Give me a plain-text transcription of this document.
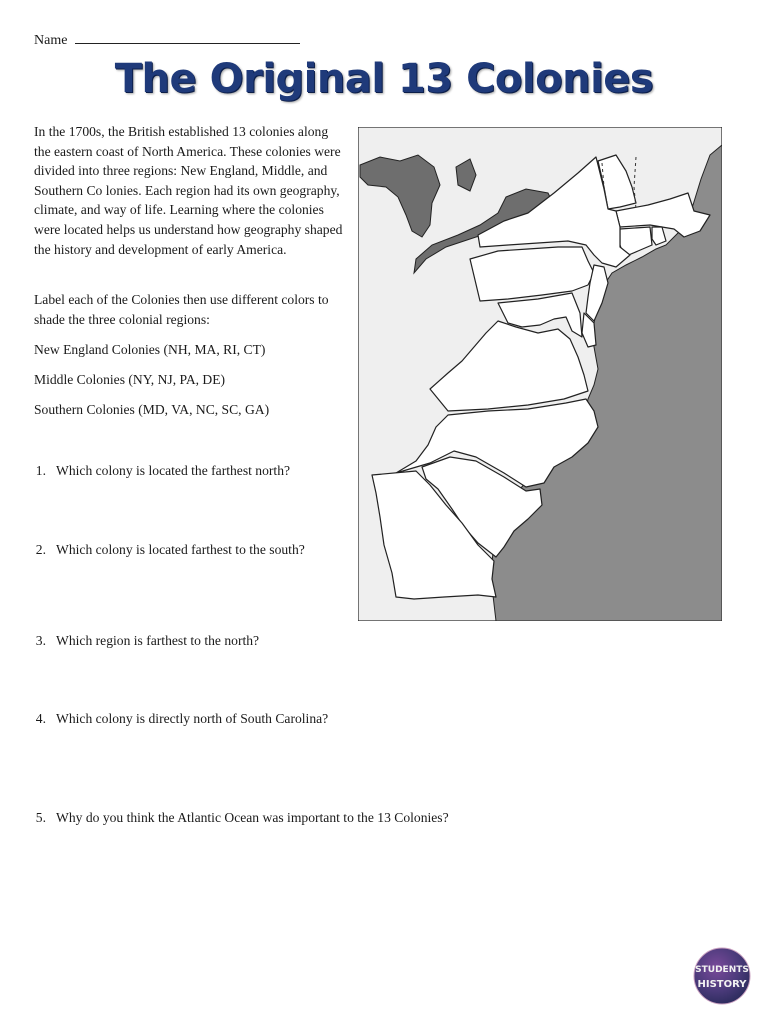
Name
The Original 13 Colonies
In the 1700s, the British established 13 colonies along the eastern coast of North America. These colonies were divided into three regions: New England, Middle, and Southern Co lonies. Each region had its own geography, climate, and way of life. Learning where the colonies were located helps us understand how geography shaped the history and development of early America.
Label each of the Colonies then use different colors to shade the three colonial regions:
New England Colonies (NH, MA, RI, CT)
Middle Colonies (NY, NJ, PA, DE)
Southern Colonies (MD, VA, NC, SC, GA)
1. Which colony is located the farthest north?
2. Which colony is located farthest to the south?
3. Which region is farthest to the north?
4. Which colony is directly north of South Carolina?
5. Why do you think the Atlantic Ocean was important to the 13 Colonies?
STUDENTS
HISTORY
